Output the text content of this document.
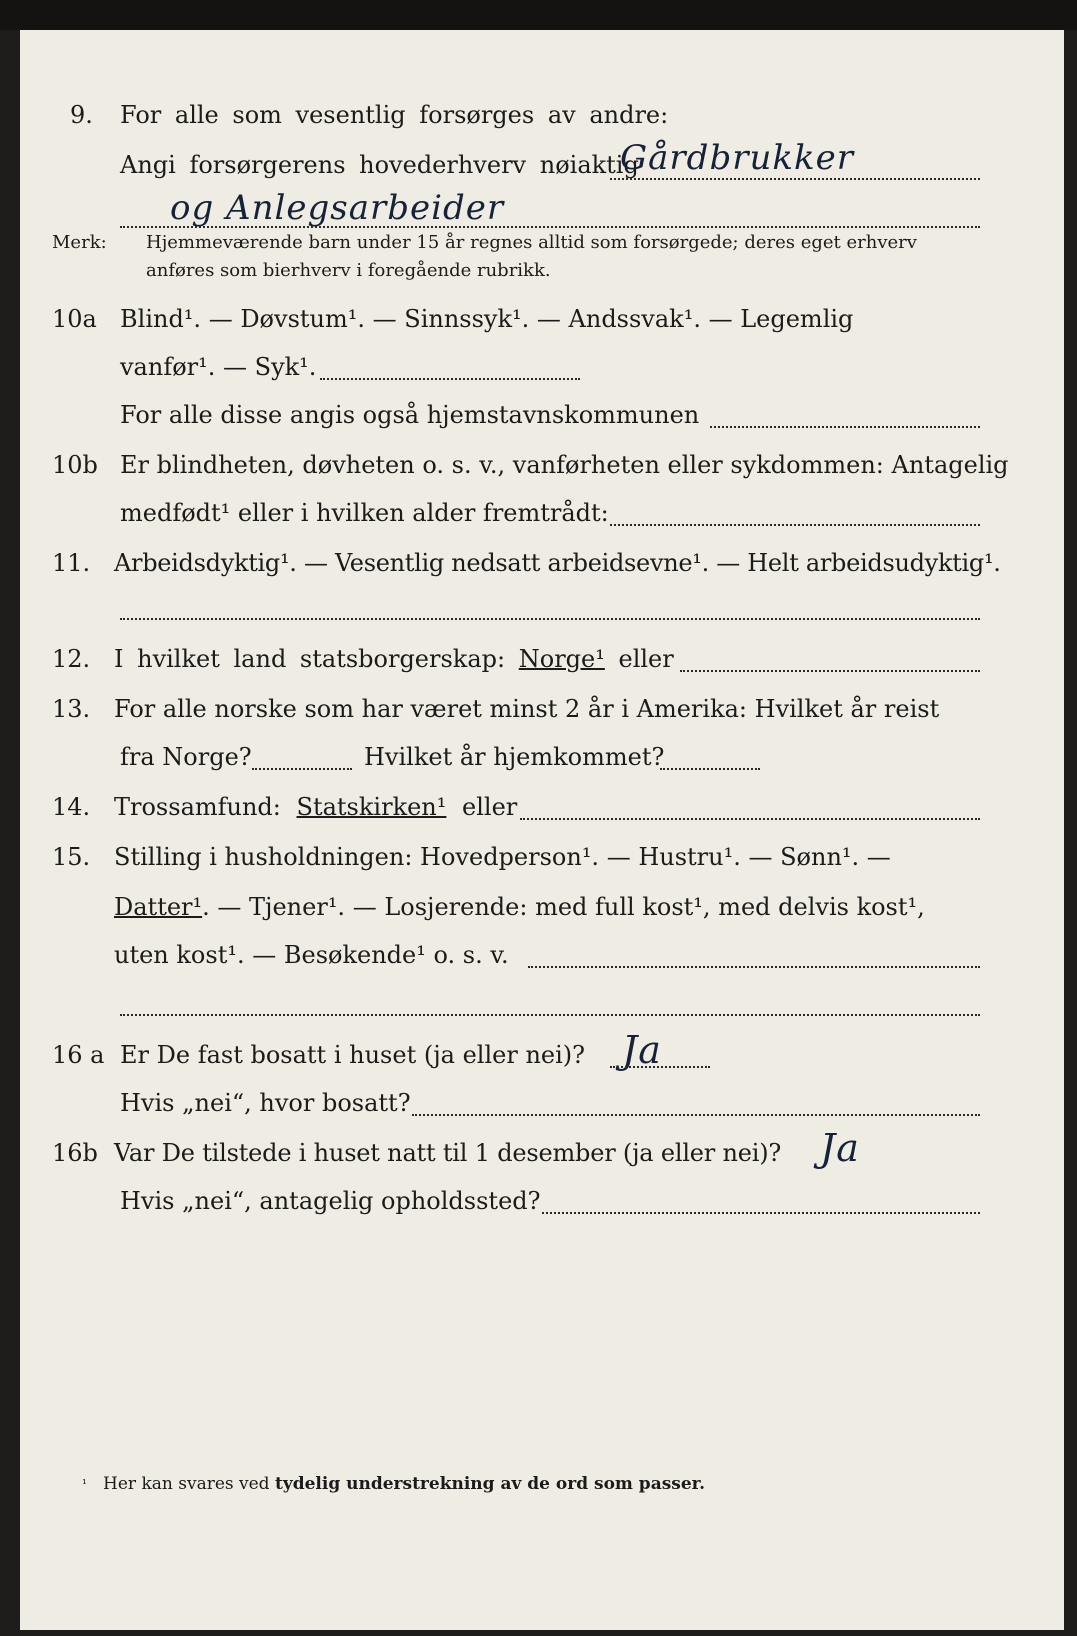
9. For alle som vesentlig forsørges av andre:
Angi forsørgerens hovederhverv nøiaktig
Gårdbrukker
og Anlegsarbeider
Merk: Hjemmeværende barn under 15 år regnes alltid som forsørgede; deres eget erhverv
anføres som bierhverv i foregående rubrikk.
10a Blind¹. — Døvstum¹. — Sinnssyk¹. — Andssvak¹. — Legemlig
vanfør¹. — Syk¹.
For alle disse angis også hjemstavnskommunen
10b Er blindheten, døvheten o. s. v., vanførheten eller sykdommen: Antagelig
medfødt¹ eller i hvilken alder fremtrådt:
11. Arbeidsdyktig¹. — Vesentlig nedsatt arbeidsevne¹. — Helt arbeidsudyktig¹.
12. I hvilket land statsborgerskap: Norge¹ eller
13. For alle norske som har været minst 2 år i Amerika: Hvilket år reist
fra Norge?	Hvilket år hjemkommet?
14. Trossamfund: Statskirken¹ eller
15. Stilling i husholdningen: Hovedperson¹. — Hustru¹. — Sønn¹. —
Datter¹. — Tjener¹. — Losjerende: med full kost¹, med delvis kost¹,
uten kost¹. — Besøkende¹ o. s. v.
16 a Er De fast bosatt i huset (ja eller nei)? Ja
Hvis „nei“, hvor bosatt?
16b Var De tilstede i huset natt til 1 desember (ja eller nei)? Ja
Hvis „nei“, antagelig opholdssted?
$^{^1}$ Her kan svares ved tydelig understrekning av de ord som passer.
